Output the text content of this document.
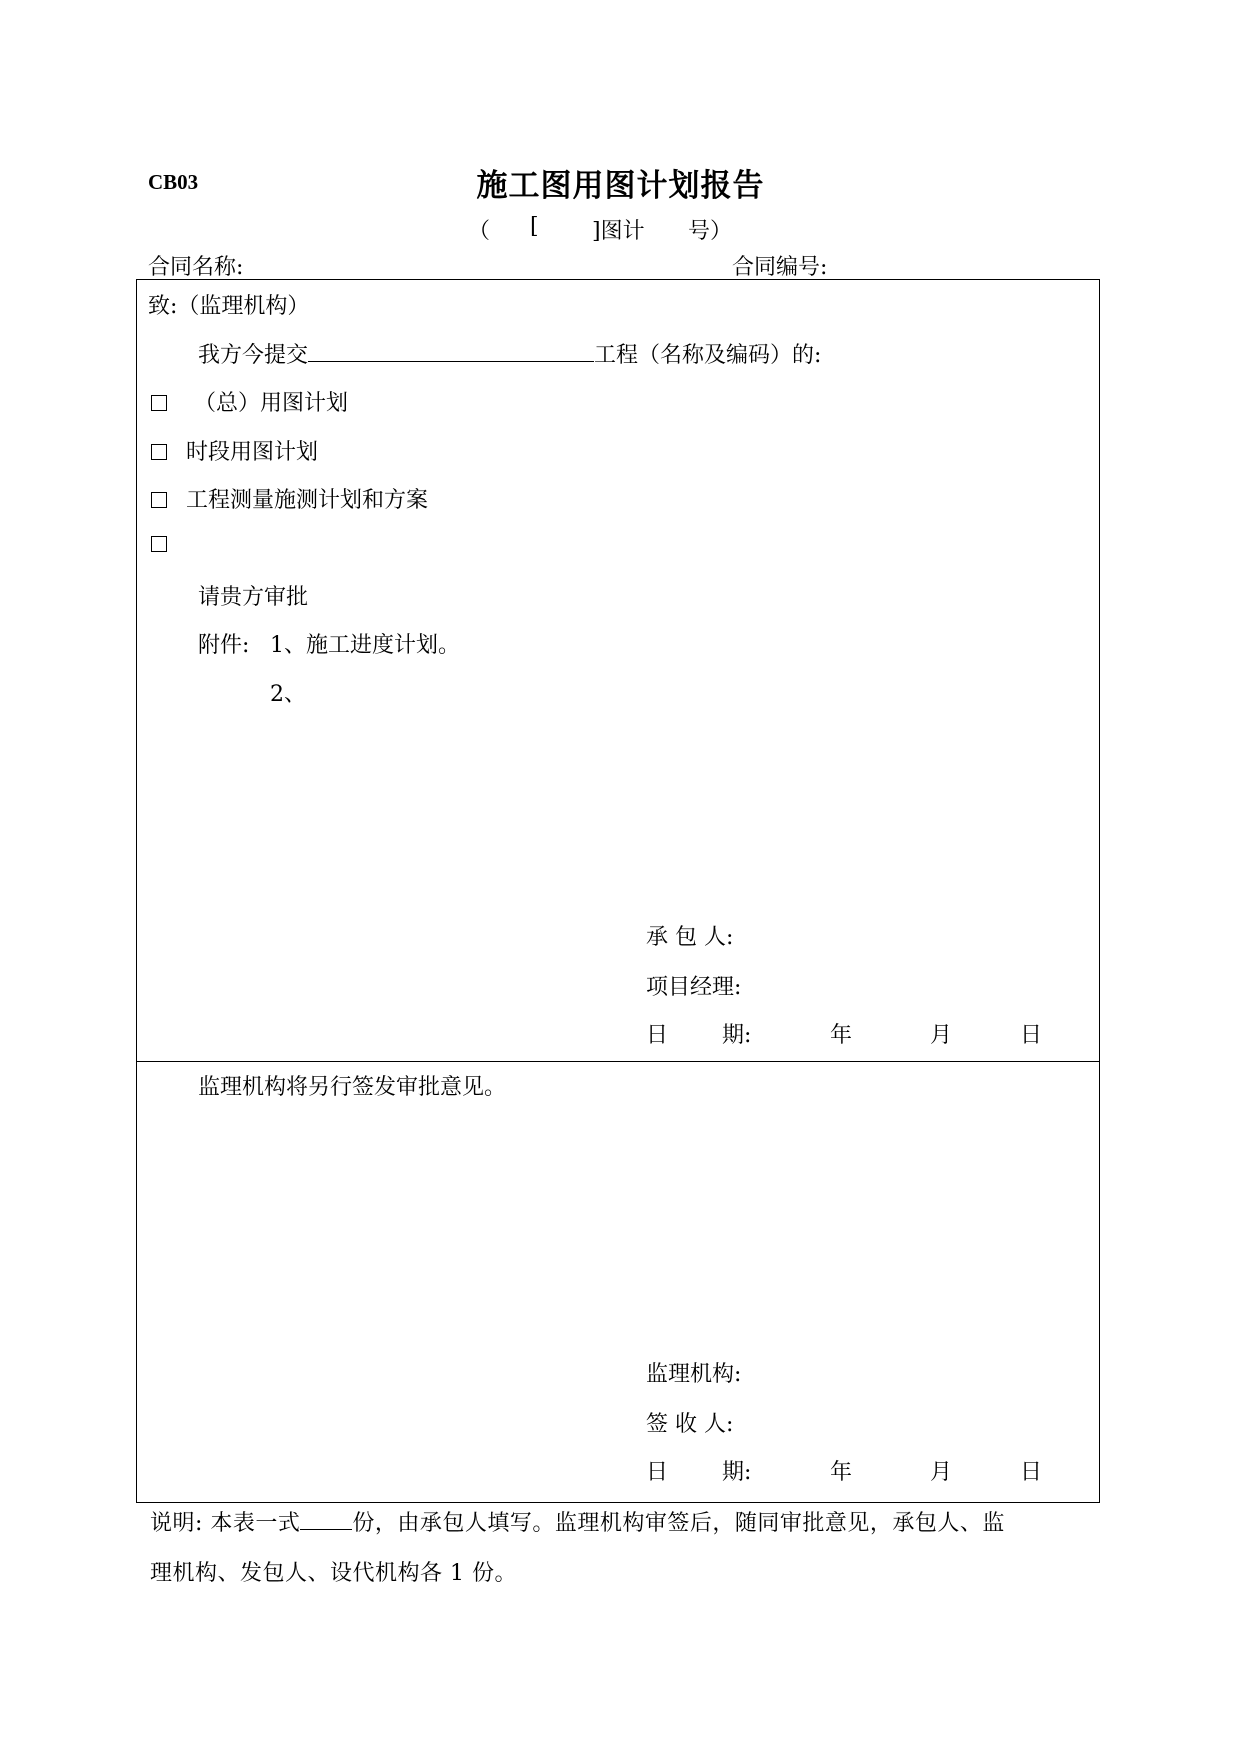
CB03	施工图用图计划报告
（ [ ]图计 号）
合同名称:	合同编号:
致:（监理机构）
我方今提交	工程（名称及编码）的:
（总）用图计划
时段用图计划
工程测量施测计划和方案
请贵方审批
附件: 1、施工进度计划。
2、
承 包 人:
项目经理:
日 期:	年	月	日
监理机构将另行签发审批意见。
监理机构:
签 收 人:
日 期:	年	月	日
说明: 本表一式 份，由承包人填写。监理机构审签后，随同审批意见，承包人、监
理机构、发包人、设代机构各 1 份。
